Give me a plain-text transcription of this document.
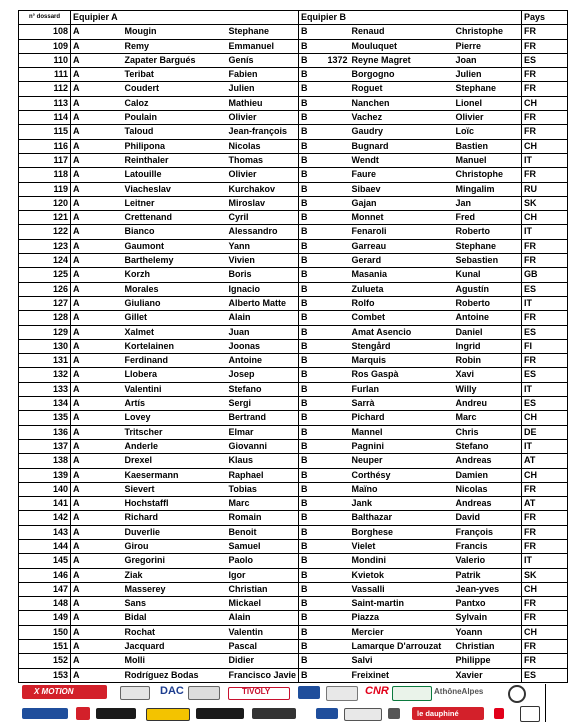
n° dossard	Equipier A			Equipier B				Pays
108	A	Mougin	Stephane	B		Renaud	Christophe	FR
109	A	Remy	Emmanuel	B		Mouluquet	Pierre	FR
110	A	Zapater Bargués	Genís	B	1372	Reyne Magret	Joan	ES
111	A	Teribat	Fabien	B		Borgogno	Julien	FR
112	A	Coudert	Julien	B		Roguet	Stephane	FR
113	A	Caloz	Mathieu	B		Nanchen	Lionel	CH
114	A	Poulain	Olivier	B		Vachez	Olivier	FR
115	A	Taloud	Jean-françois	B		Gaudry	Loïc	FR
116	A	Philipona	Nicolas	B		Bugnard	Bastien	CH
117	A	Reinthaler	Thomas	B		Wendt	Manuel	IT
118	A	Latouille	Olivier	B		Faure	Christophe	FR
119	A	Viacheslav	Kurchakov	B		Sibaev	Mingalim	RU
120	A	Leitner	Miroslav	B		Gajan	Jan	SK
121	A	Crettenand	Cyril	B		Monnet	Fred	CH
122	A	Bianco	Alessandro	B		Fenaroli	Roberto	IT
123	A	Gaumont	Yann	B		Garreau	Stephane	FR
124	A	Barthelemy	Vivien	B		Gerard	Sebastien	FR
125	A	Korzh	Boris	B		Masania	Kunal	GB
126	A	Morales	Ignacio	B		Zulueta	Agustín	ES
127	A	Giuliano	Alberto Matte	B		Rolfo	Roberto	IT
128	A	Gillet	Alain	B		Combet	Antoine	FR
129	A	Xalmet	Juan	B		Amat Asencio	Daniel	ES
130	A	Kortelainen	Joonas	B		Stengård	Ingrid	FI
131	A	Ferdinand	Antoine	B		Marquis	Robin	FR
132	A	Llobera	Josep	B		Ros Gaspà	Xavi	ES
133	A	Valentini	Stefano	B		Furlan	Willy	IT
134	A	Artís	Sergi	B		Sarrà	Andreu	ES
135	A	Lovey	Bertrand	B		Pichard	Marc	CH
136	A	Tritscher	Elmar	B		Mannel	Chris	DE
137	A	Anderle	Giovanni	B		Pagnini	Stefano	IT
138	A	Drexel	Klaus	B		Neuper	Andreas	AT
139	A	Kaesermann	Raphael	B		Corthésy	Damien	CH
140	A	Sievert	Tobias	B		Maïno	Nicolas	FR
141	A	Hochstaffl	Marc	B		Jank	Andreas	AT
142	A	Richard	Romain	B		Balthazar	David	FR
143	A	Duverlie	Benoit	B		Borghese	François	FR
144	A	Girou	Samuel	B		Vielet	Francis	FR
145	A	Gregorini	Paolo	B		Mondini	Valerio	IT
146	A	Ziak	Igor	B		Kvietok	Patrik	SK
147	A	Masserey	Christian	B		Vassalli	Jean-yves	CH
148	A	Sans	Mickael	B		Saint-martin	Pantxo	FR
149	A	Bidal	Alain	B		Piazza	Sylvain	FR
150	A	Rochat	Valentin	B		Mercier	Yoann	CH
151	A	Jacquard	Pascal	B		Lamarque D'arrouzat	Christian	FR
152	A	Molli	Didier	B		Salvi	Philippe	FR
153	A	Rodríguez Bodas	Francisco Javie	B		Freixinet	Xavier	ES
X MOTION	DAC	TIVOLY	CNR	AthôneAlpes
le dauphiné
